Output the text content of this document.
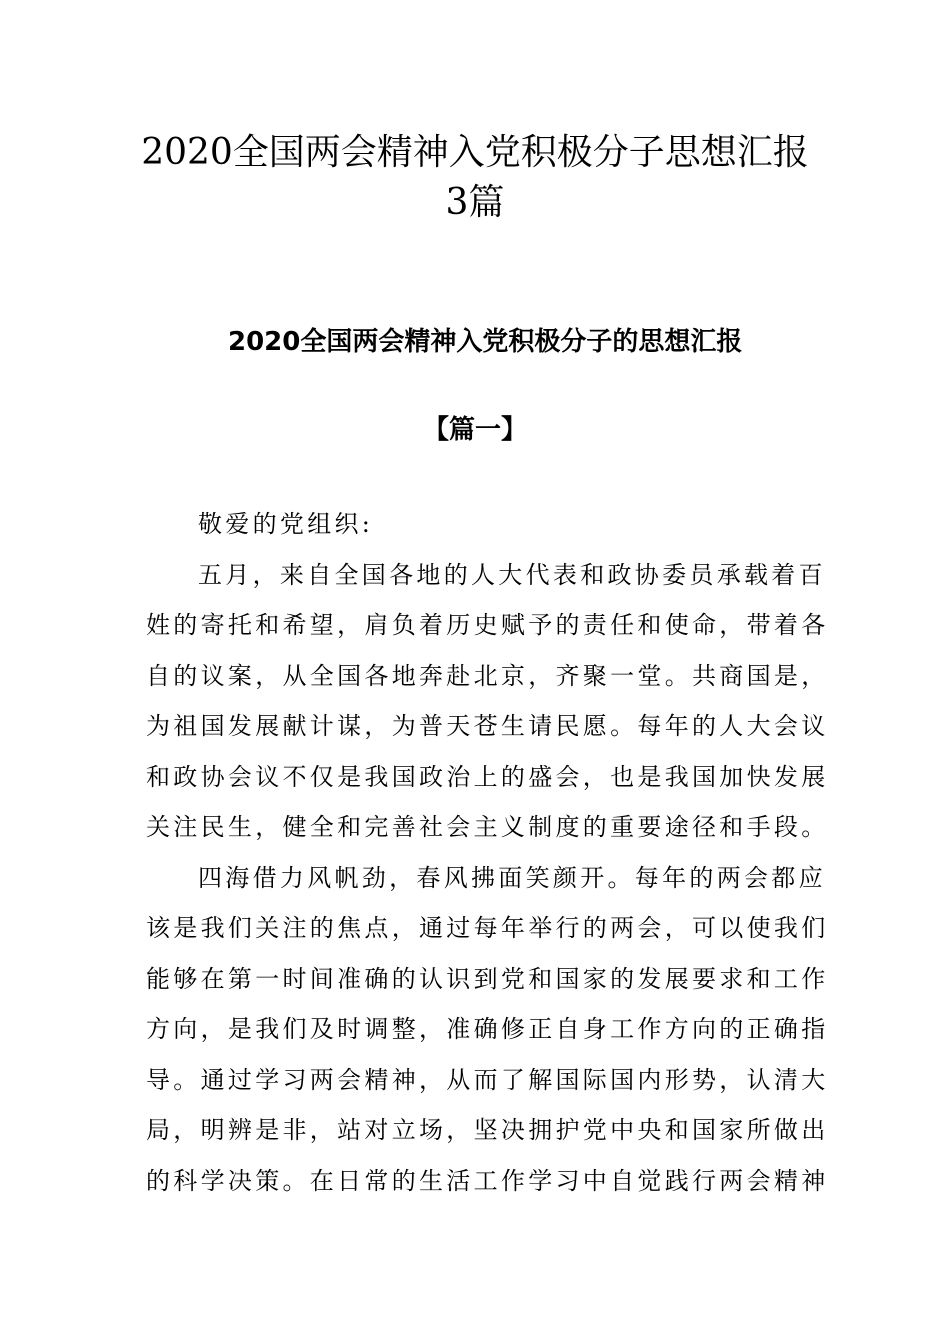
2020全国两会精神入党积极分子思想汇报
3篇
2020全国两会精神入党积极分子的思想汇报
【篇一】

敬爱的党组织:

五月，来自全国各地的人大代表和政协委员承载着百
姓的寄托和希望，肩负着历史赋予的责任和使命，带着各
自的议案，从全国各地奔赴北京，齐聚一堂。共商国是，
为祖国发展献计谋，为普天苍生请民愿。每年的人大会议
和政协会议不仅是我国政治上的盛会，也是我国加快发展
关注民生，健全和完善社会主义制度的重要途径和手段。

四海借力风帆劲，春风拂面笑颜开。每年的两会都应
该是我们关注的焦点，通过每年举行的两会，可以使我们
能够在第一时间准确的认识到党和国家的发展要求和工作
方向，是我们及时调整，准确修正自身工作方向的正确指
导。通过学习两会精神，从而了解国际国内形势，认清大
局，明辨是非，站对立场，坚决拥护党中央和国家所做出
的科学决策。在日常的生活工作学习中自觉践行两会精神
